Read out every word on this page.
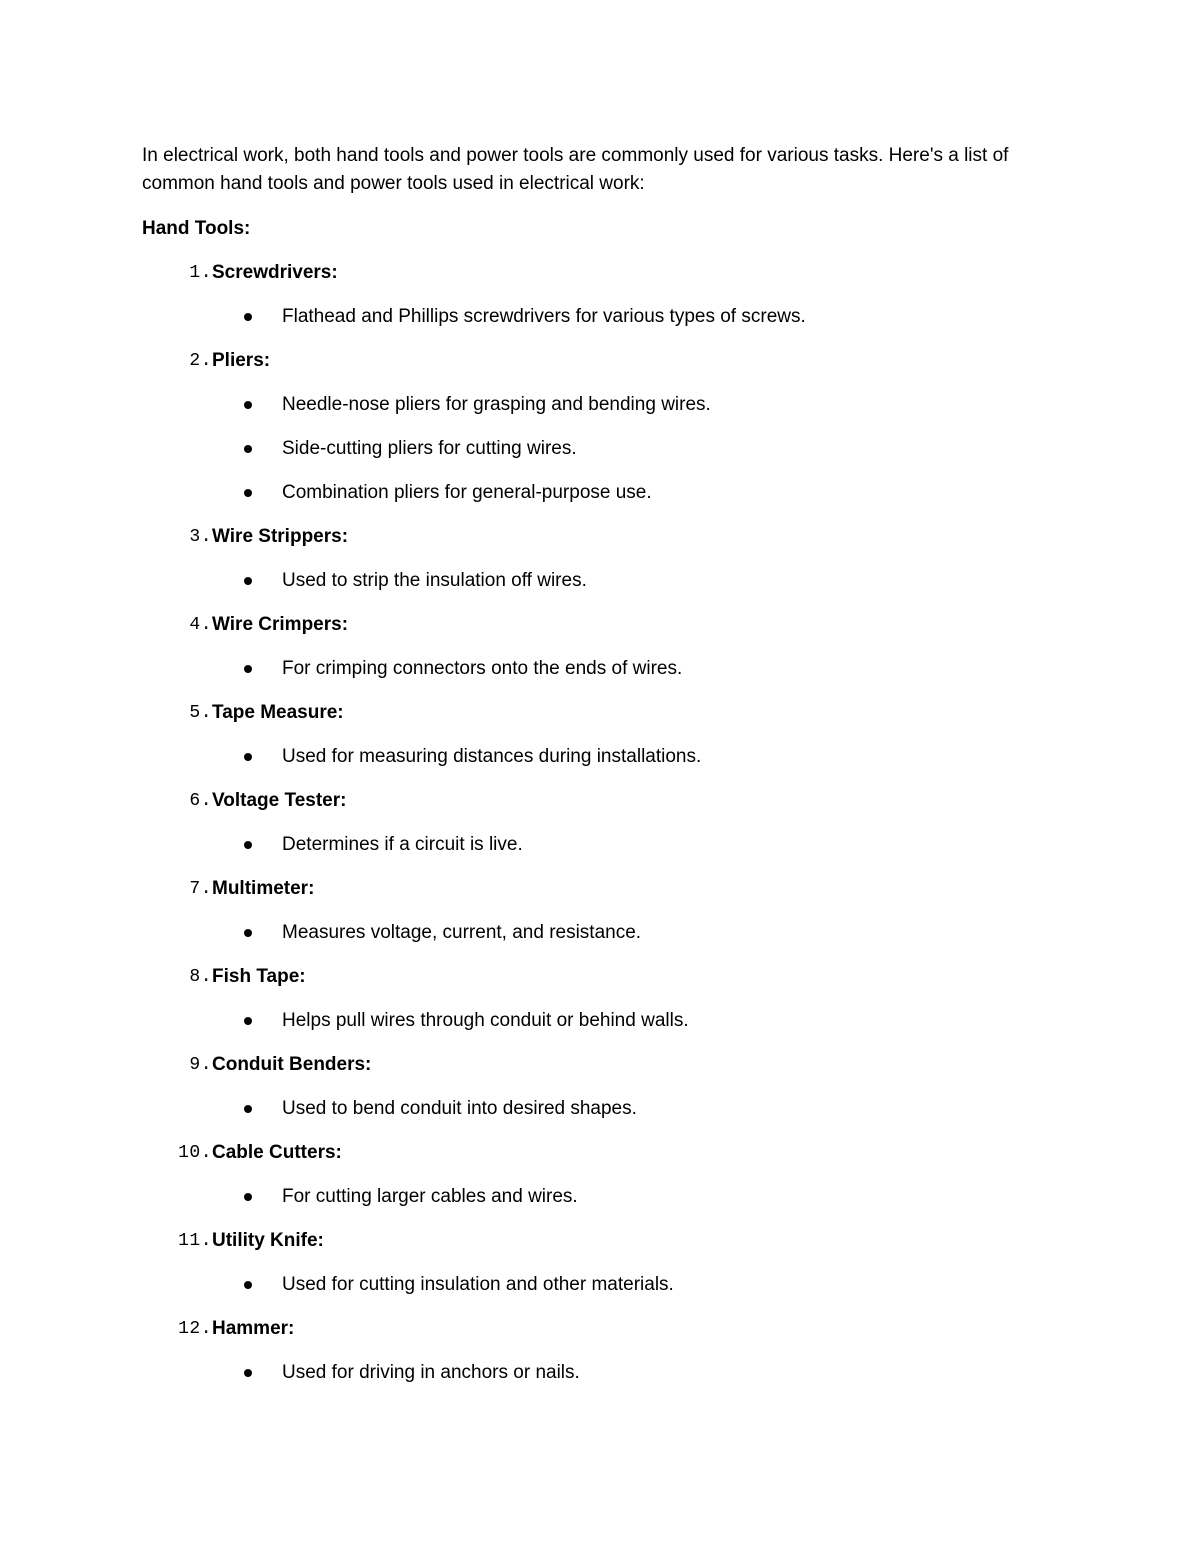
In electrical work, both hand tools and power tools are commonly used for various tasks. Here's a list of common hand tools and power tools used in electrical work:

Hand Tools:

1. Screwdrivers:
Flathead and Phillips screwdrivers for various types of screws.
2. Pliers:
Needle-nose pliers for grasping and bending wires.
Side-cutting pliers for cutting wires.
Combination pliers for general-purpose use.
3. Wire Strippers:
Used to strip the insulation off wires.
4. Wire Crimpers:
For crimping connectors onto the ends of wires.
5. Tape Measure:
Used for measuring distances during installations.
6. Voltage Tester:
Determines if a circuit is live.
7. Multimeter:
Measures voltage, current, and resistance.
8. Fish Tape:
Helps pull wires through conduit or behind walls.
9. Conduit Benders:
Used to bend conduit into desired shapes.
10. Cable Cutters:
For cutting larger cables and wires.
11. Utility Knife:
Used for cutting insulation and other materials.
12. Hammer:
Used for driving in anchors or nails.
